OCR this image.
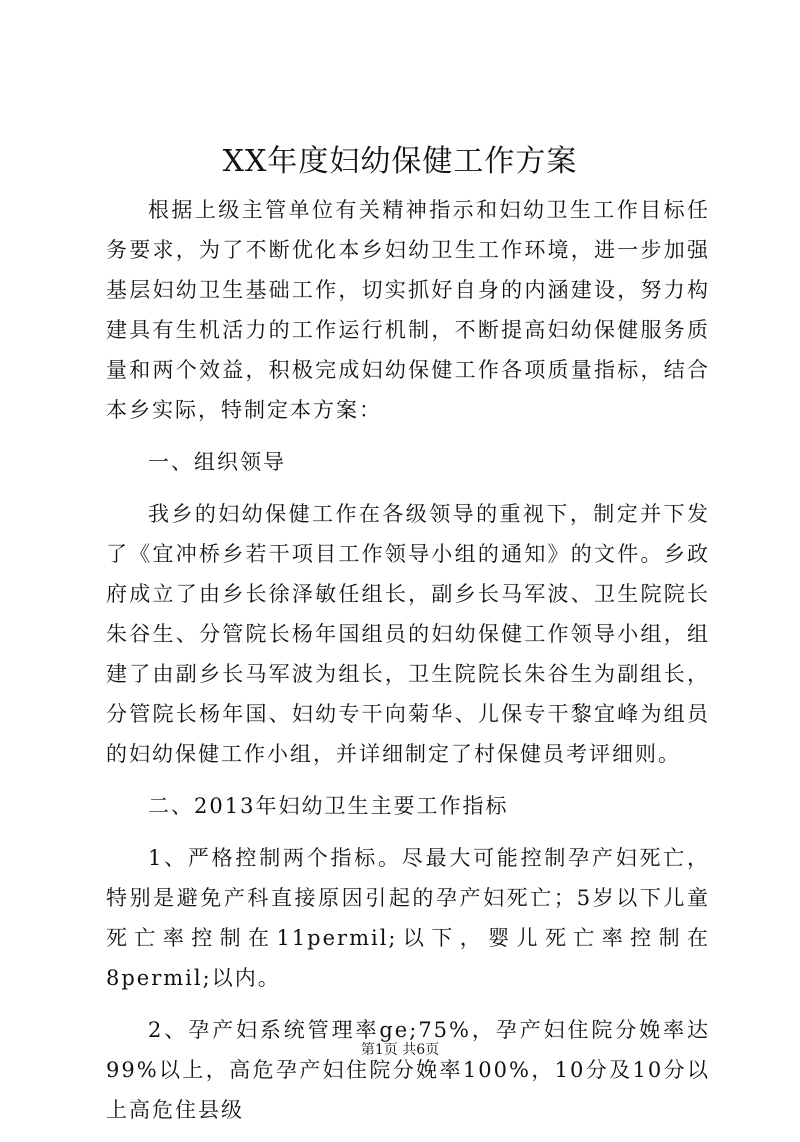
XX年度妇幼保健工作方案

根据上级主管单位有关精神指示和妇幼卫生工作目标任务要求，为了不断优化本乡妇幼卫生工作环境，进一步加强基层妇幼卫生基础工作，切实抓好自身的内涵建设，努力构建具有生机活力的工作运行机制，不断提高妇幼保健服务质量和两个效益，积极完成妇幼保健工作各项质量指标，结合本乡实际，特制定本方案：

一、组织领导

我乡的妇幼保健工作在各级领导的重视下，制定并下发了《宜冲桥乡若干项目工作领导小组的通知》的文件。乡政府成立了由乡长徐泽敏任组长，副乡长马军波、卫生院院长朱谷生、分管院长杨年国组员的妇幼保健工作领导小组，组建了由副乡长马军波为组长，卫生院院长朱谷生为副组长，分管院长杨年国、妇幼专干向菊华、儿保专干黎宜峰为组员的妇幼保健工作小组，并详细制定了村保健员考评细则。

二、2013年妇幼卫生主要工作指标

1、严格控制两个指标。尽最大可能控制孕产妇死亡，特别是避免产科直接原因引起的孕产妇死亡；5岁以下儿童死亡率控制在11permil;以下，婴儿死亡率控制在8permil;以内。

2、孕产妇系统管理率ge;75%，孕产妇住院分娩率达99%以上，高危孕产妇住院分娩率100%，10分及10分以上高危住县级

第1页 共6页
